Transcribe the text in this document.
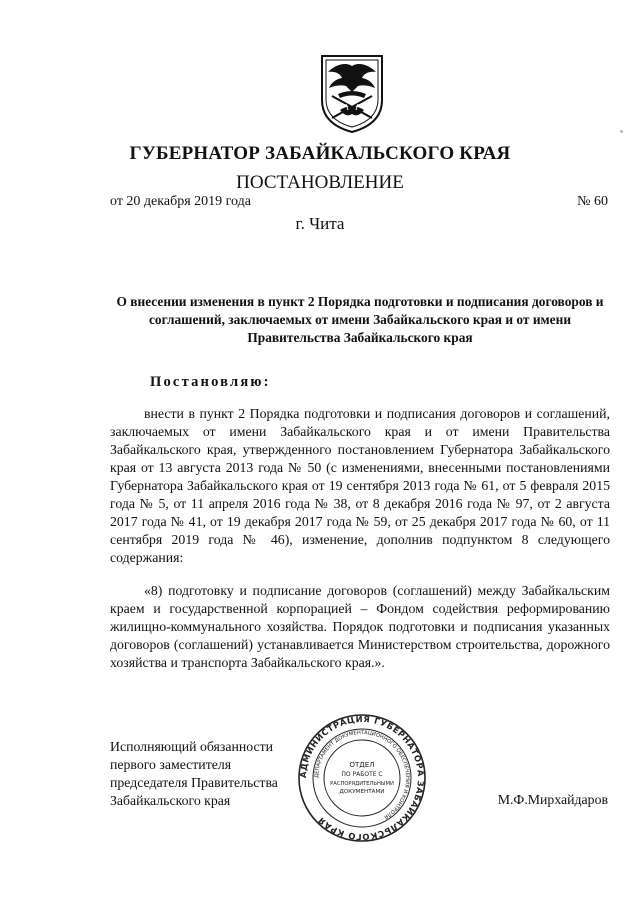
ГУБЕРНАТОР ЗАБАЙКАЛЬСКОГО КРАЯ
ПОСТАНОВЛЕНИЕ
от 20 декабря 2019 года	№ 60
г. Чита
О внесении изменения в пункт 2 Порядка подготовки и подписания договоров и соглашений, заключаемых от имени Забайкальского края и от имени Правительства Забайкальского края
Постановляю:
внести в пункт 2 Порядка подготовки и подписания договоров и соглашений, заключаемых от имени Забайкальского края и от имени Правительства Забайкальского края, утвержденного постановлением Губернатора Забайкальского края от 13 августа 2013 года № 50 (с изменениями, внесенными постановлениями Губернатора Забайкальского края от 19 сентября 2013 года № 61, от 5 февраля 2015 года № 5, от 11 апреля 2016 года № 38, от 8 декабря 2016 года № 97, от 2 августа 2017 года № 41, от 19 декабря 2017 года № 59, от 25 декабря 2017 года № 60, от 11 сентября 2019 года № 46), изменение, дополнив подпунктом 8 следующего содержания:
«8) подготовку и подписание договоров (соглашений) между Забайкальским краем и государственной корпорацией – Фондом содействия реформированию жилищно-коммунального хозяйства. Порядок подготовки и подписания указанных договоров (соглашений) устанавливается Министерством строительства, дорожного хозяйства и транспорта Забайкальского края.».
Исполняющий обязанности
первого заместителя
председателя Правительства
Забайкальского края	М.Ф.Мирхайдаров
АДМИНИСТРАЦИЯ ГУБЕРНАТОРА ЗАБАЙКАЛЬСКОГО КРАЯ
ДЕПАРТАМЕНТ ДОКУМЕНТАЦИОННОГО ОБЕСПЕЧЕНИЯ И КОНТРОЛЯ
ОТДЕЛ
ПО РАБОТЕ С
РАСПОРЯДИТЕЛЬНЫМИ
ДОКУМЕНТАМИ
